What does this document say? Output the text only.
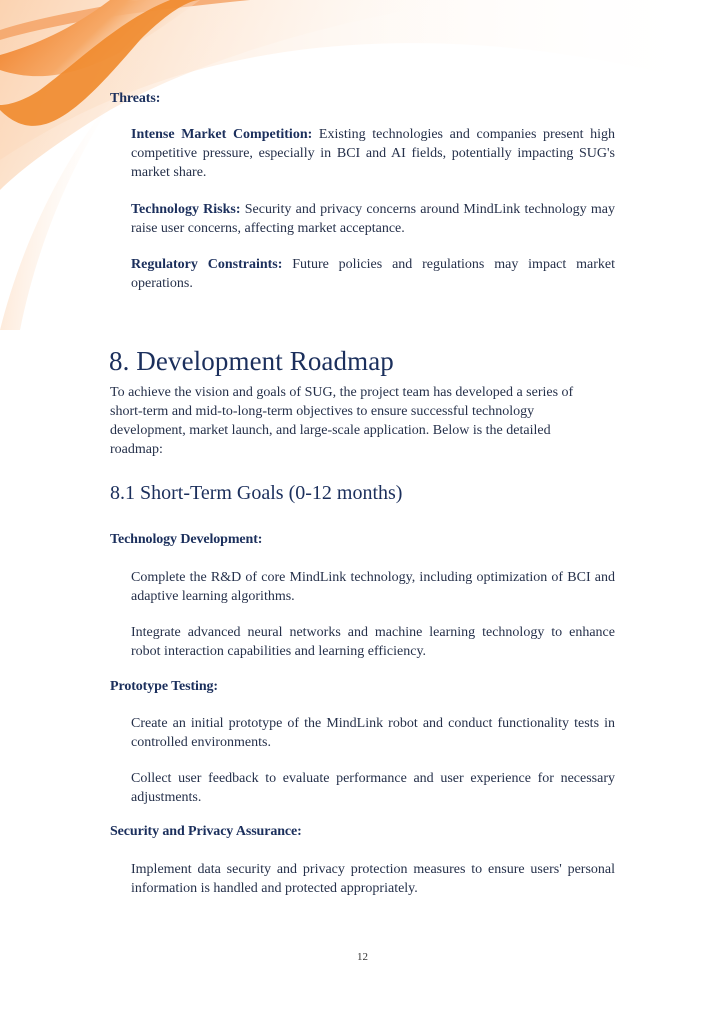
Threats:
Intense Market Competition: Existing technologies and companies present high competitive pressure, especially in BCI and AI fields, potentially impacting SUG's market share.
Technology Risks: Security and privacy concerns around MindLink technology may raise user concerns, affecting market acceptance.
Regulatory Constraints: Future policies and regulations may impact market operations.
8. Development Roadmap
To achieve the vision and goals of SUG, the project team has developed a series of short-term and mid-to-long-term objectives to ensure successful technology development, market launch, and large-scale application. Below is the detailed roadmap:
8.1 Short-Term Goals (0-12 months)
Technology Development:
Complete the R&D of core MindLink technology, including optimization of BCI and adaptive learning algorithms.
Integrate advanced neural networks and machine learning technology to enhance robot interaction capabilities and learning efficiency.
Prototype Testing:
Create an initial prototype of the MindLink robot and conduct functionality tests in controlled environments.
Collect user feedback to evaluate performance and user experience for necessary adjustments.
Security and Privacy Assurance:
Implement data security and privacy protection measures to ensure users' personal information is handled and protected appropriately.
12
